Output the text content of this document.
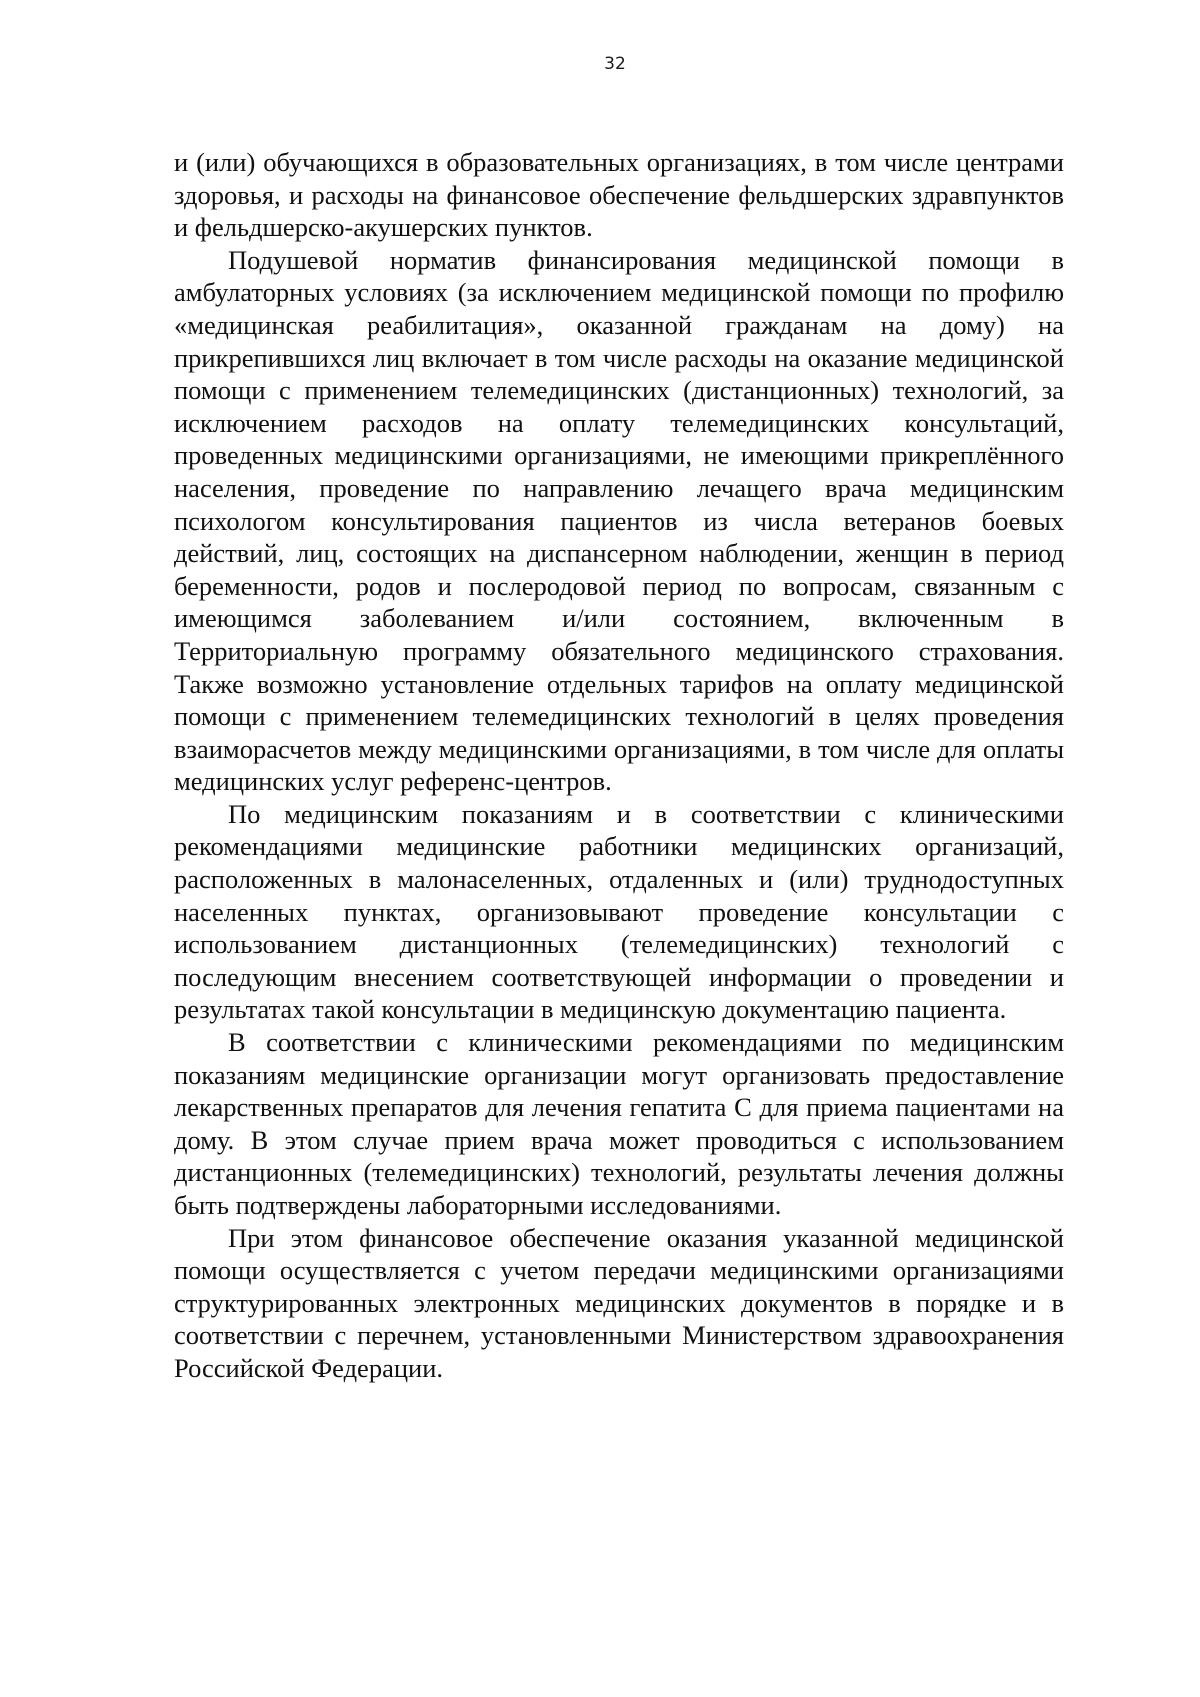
32

и (или) обучающихся в образовательных организациях, в том числе центрами здоровья, и расходы на финансовое обеспечение фельдшерских здравпунктов и фельдшерско-акушерских пунктов.

Подушевой норматив финансирования медицинской помощи в амбулаторных условиях (за исключением медицинской помощи по профилю «медицинская реабилитация», оказанной гражданам на дому) на прикрепившихся лиц включает в том числе расходы на оказание медицинской помощи с применением телемедицинских (дистанционных) технологий, за исключением расходов на оплату телемедицинских консультаций, проведенных медицинскими организациями, не имеющими прикреплённого населения, проведение по направлению лечащего врача медицинским психологом консультирования пациентов из числа ветеранов боевых действий, лиц, состоящих на диспансерном наблюдении, женщин в период беременности, родов и послеродовой период по вопросам, связанным с имеющимся заболеванием и/или состоянием, включенным в Территориальную программу обязательного медицинского страхования. Также возможно установление отдельных тарифов на оплату медицинской помощи с применением телемедицинских технологий в целях проведения взаиморасчетов между медицинскими организациями, в том числе для оплаты медицинских услуг референс-центров.

По медицинским показаниям и в соответствии с клиническими рекомендациями медицинские работники медицинских организаций, расположенных в малонаселенных, отдаленных и (или) труднодоступных населенных пунктах, организовывают проведение консультации с использованием дистанционных (телемедицинских) технологий с последующим внесением соответствующей информации о проведении и результатах такой консультации в медицинскую документацию пациента.

В соответствии с клиническими рекомендациями по медицинским показаниям медицинские организации могут организовать предоставление лекарственных препаратов для лечения гепатита С для приема пациентами на дому. В этом случае прием врача может проводиться с использованием дистанционных (телемедицинских) технологий, результаты лечения должны быть подтверждены лабораторными исследованиями.

При этом финансовое обеспечение оказания указанной медицинской помощи осуществляется с учетом передачи медицинскими организациями структурированных электронных медицинских документов в порядке и в соответствии с перечнем, установленными Министерством здравоохранения Российской Федерации.
